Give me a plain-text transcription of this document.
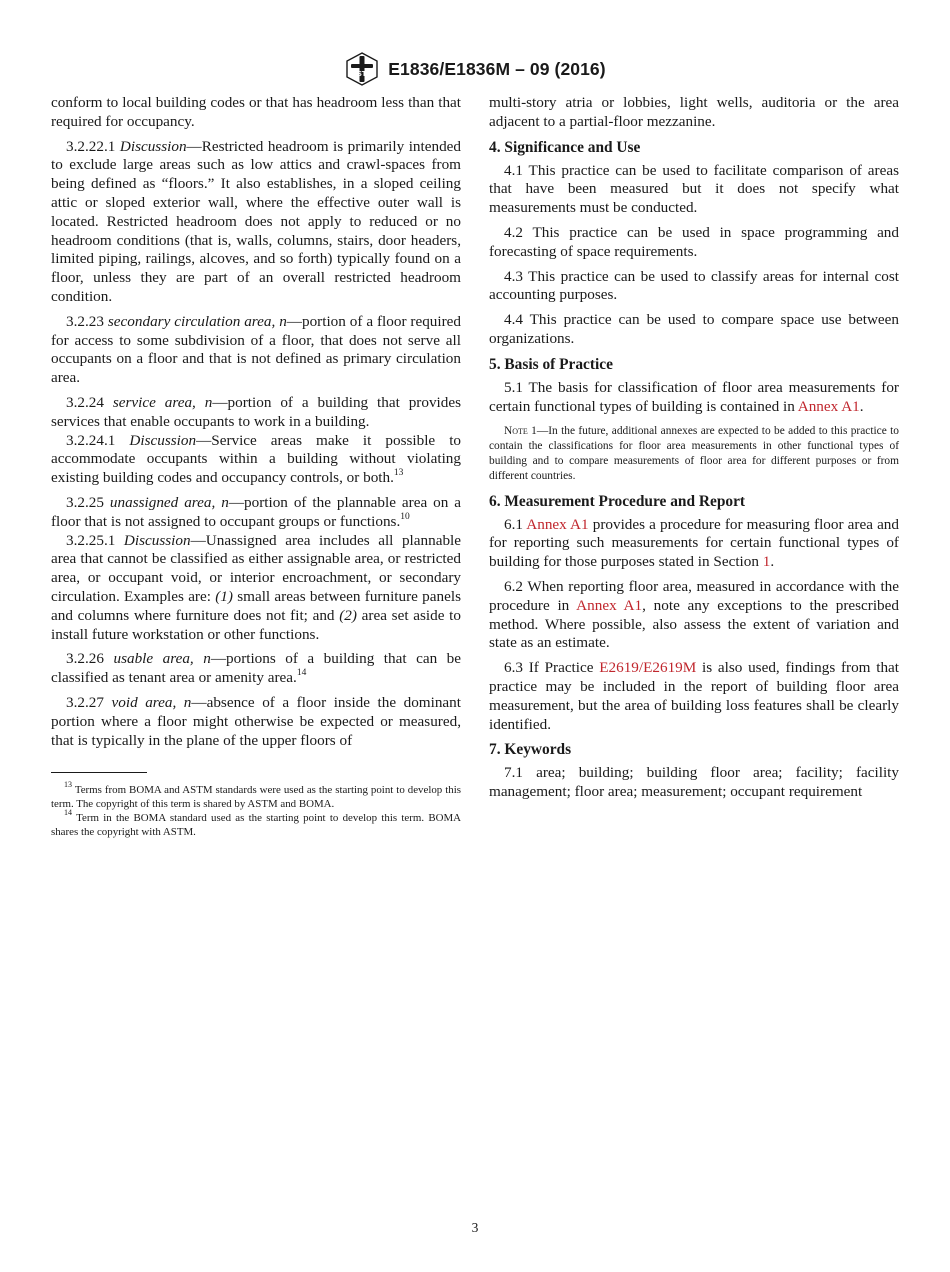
ASTM E1836/E1836M – 09 (2016)

conform to local building codes or that has headroom less than that required for occupancy.

3.2.22.1 Discussion—Restricted headroom is primarily intended to exclude large areas such as low attics and crawl-spaces from being defined as “floors.” It also establishes, in a sloped ceiling attic or sloped exterior wall, where the effective outer wall is located. Restricted headroom does not apply to reduced or no headroom conditions (that is, walls, columns, stairs, door headers, limited piping, railings, alcoves, and so forth) typically found on a floor, unless they are part of an overall restricted headroom condition.

3.2.23 secondary circulation area, n—portion of a floor required for access to some subdivision of a floor, that does not serve all occupants on a floor and that is not defined as primary circulation area.

3.2.24 service area, n—portion of a building that provides services that enable occupants to work in a building.

3.2.24.1 Discussion—Service areas make it possible to accommodate occupants within a building without violating existing building codes and occupancy controls, or both.$^{13}$

3.2.25 unassigned area, n—portion of the plannable area on a floor that is not assigned to occupant groups or functions.$^{10}$

3.2.25.1 Discussion—Unassigned area includes all plannable area that cannot be classified as either assignable area, or restricted area, or occupant void, or interior encroachment, or secondary circulation. Examples are: (1) small areas between furniture panels and columns where furniture does not fit; and (2) area set aside to install future workstation or other functions.

3.2.26 usable area, n—portions of a building that can be classified as tenant area or amenity area.$^{14}$

3.2.27 void area, n—absence of a floor inside the dominant portion where a floor might otherwise be expected or measured, that is typically in the plane of the upper floors of

$^{13}$ Terms from BOMA and ASTM standards were used as the starting point to develop this term. The copyright of this term is shared by ASTM and BOMA.

$^{14}$ Term in the BOMA standard used as the starting point to develop this term. BOMA shares the copyright with ASTM.

multi-story atria or lobbies, light wells, auditoria or the area adjacent to a partial-floor mezzanine.

4. Significance and Use

4.1 This practice can be used to facilitate comparison of areas that have been measured but it does not specify what measurements must be conducted.

4.2 This practice can be used in space programming and forecasting of space requirements.

4.3 This practice can be used to classify areas for internal cost accounting purposes.

4.4 This practice can be used to compare space use between organizations.

5. Basis of Practice

5.1 The basis for classification of floor area measurements for certain functional types of building is contained in Annex A1.

Note 1—In the future, additional annexes are expected to be added to this practice to contain the classifications for floor area measurements in other functional types of building and to compare measurements of floor area for different purposes or from different countries.

6. Measurement Procedure and Report

6.1 Annex A1 provides a procedure for measuring floor area and for reporting such measurements for certain functional types of building for those purposes stated in Section 1.

6.2 When reporting floor area, measured in accordance with the procedure in Annex A1, note any exceptions to the prescribed method. Where possible, also assess the extent of variation and state as an estimate.

6.3 If Practice E2619/E2619M is also used, findings from that practice may be included in the report of building floor area measurement, but the area of building loss features shall be clearly identified.

7. Keywords

7.1 area; building; building floor area; facility; facility management; floor area; measurement; occupant requirement

3
